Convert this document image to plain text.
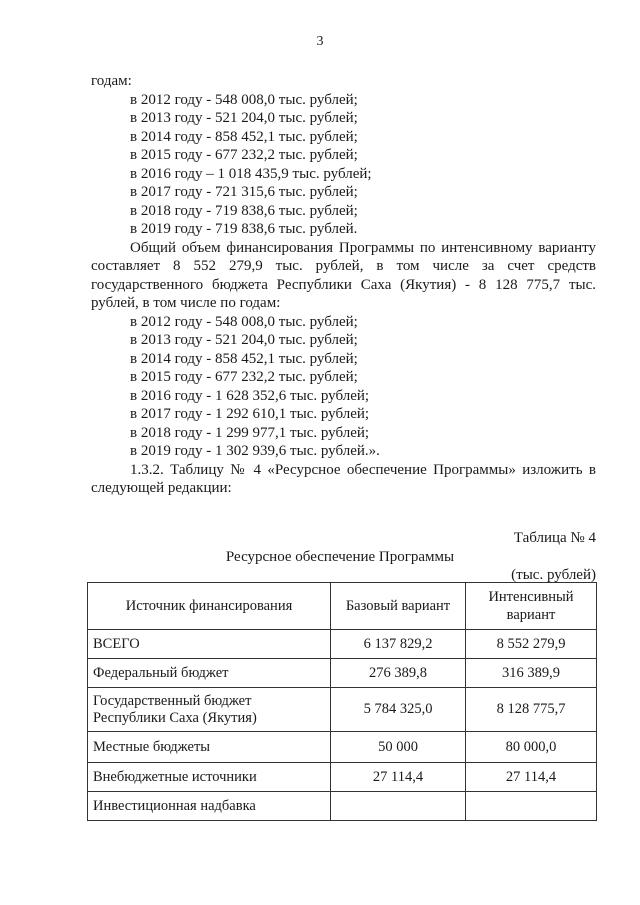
3

годам:

в 2012 году - 548 008,0 тыс. рублей;

в 2013 году - 521 204,0 тыс. рублей;

в 2014 году - 858 452,1 тыс. рублей;

в 2015 году - 677 232,2 тыс. рублей;

в 2016 году – 1 018 435,9 тыс. рублей;

в 2017 году - 721 315,6 тыс. рублей;

в 2018 году - 719 838,6 тыс. рублей;

в 2019 году - 719 838,6 тыс. рублей.

Общий объем финансирования Программы по интенсивному варианту составляет 8 552 279,9 тыс. рублей, в том числе за счет средств государственного бюджета Республики Саха (Якутия) - 8 128 775,7 тыс. рублей, в том числе по годам:

в 2012 году - 548 008,0 тыс. рублей;

в 2013 году - 521 204,0 тыс. рублей;

в 2014 году - 858 452,1 тыс. рублей;

в 2015 году - 677 232,2 тыс. рублей;

в 2016 году - 1 628 352,6 тыс. рублей;

в 2017 году - 1 292 610,1 тыс. рублей;

в 2018 году - 1 299 977,1 тыс. рублей;

в 2019 году - 1 302 939,6 тыс. рублей.».

1.3.2. Таблицу № 4 «Ресурсное обеспечение Программы» изложить в следующей редакции:

Таблица № 4
Ресурсное обеспечение Программы
(тыс. рублей)
Источник финансирования	Базовый вариант	Интенсивный вариант
ВСЕГО	6 137 829,2	8 552 279,9
Федеральный бюджет	276 389,8	316 389,9
Государственный бюджет Республики Саха (Якутия)	5 784 325,0	8 128 775,7
Местные бюджеты	50 000	80 000,0
Внебюджетные источники	27 114,4	27 114,4
Инвестиционная надбавка		
